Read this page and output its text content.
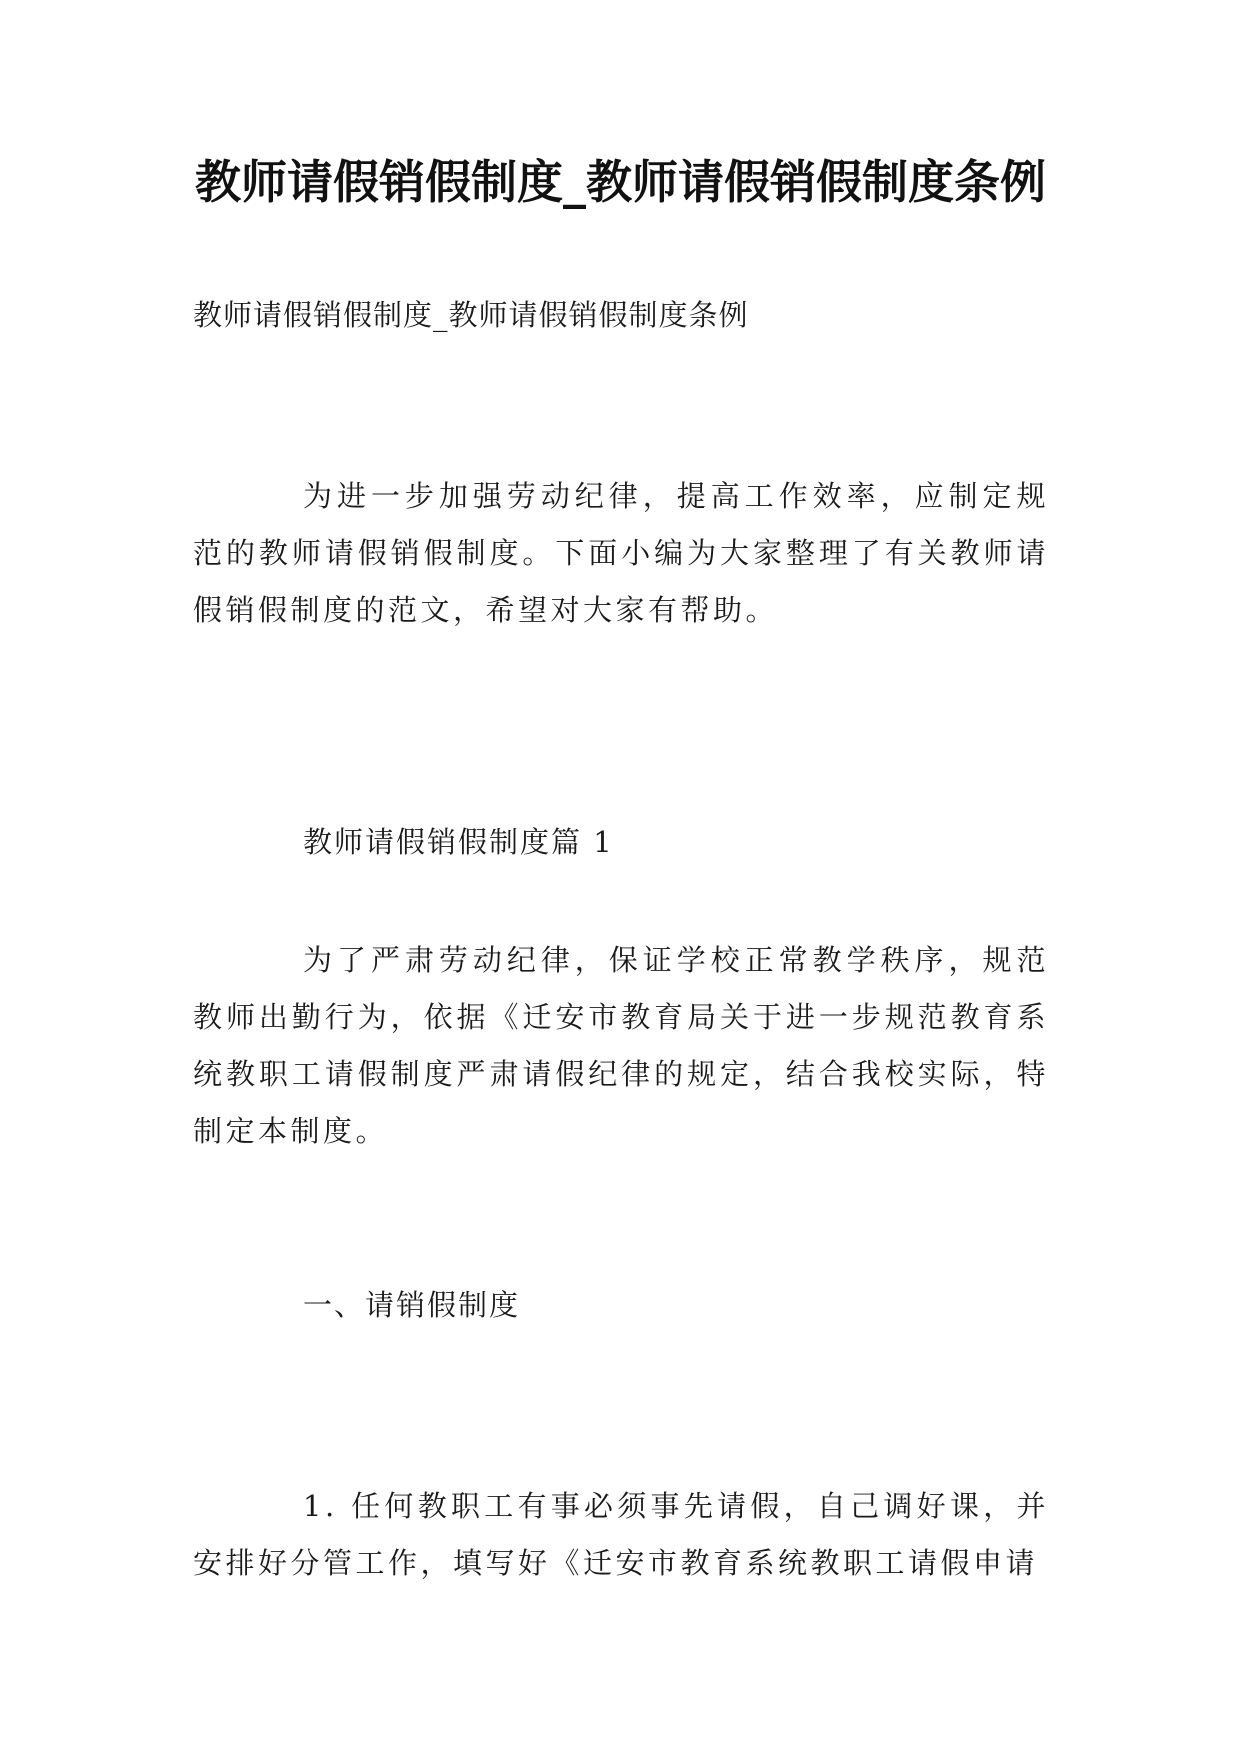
教师请假销假制度_教师请假销假制度条例

教师请假销假制度_教师请假销假制度条例

为进一步加强劳动纪律，提高工作效率，应制定规范的教师请假销假制度。下面小编为大家整理了有关教师请假销假制度的范文，希望对大家有帮助。

教师请假销假制度篇 1

为了严肃劳动纪律，保证学校正常教学秩序，规范教师出勤行为，依据《迁安市教育局关于进一步规范教育系统教职工请假制度严肃请假纪律的规定，结合我校实际，特制定本制度。

一、请销假制度

1. 任何教职工有事必须事先请假，自己调好课，并安排好分管工作，填写好《迁安市教育系统教职工请假申请
